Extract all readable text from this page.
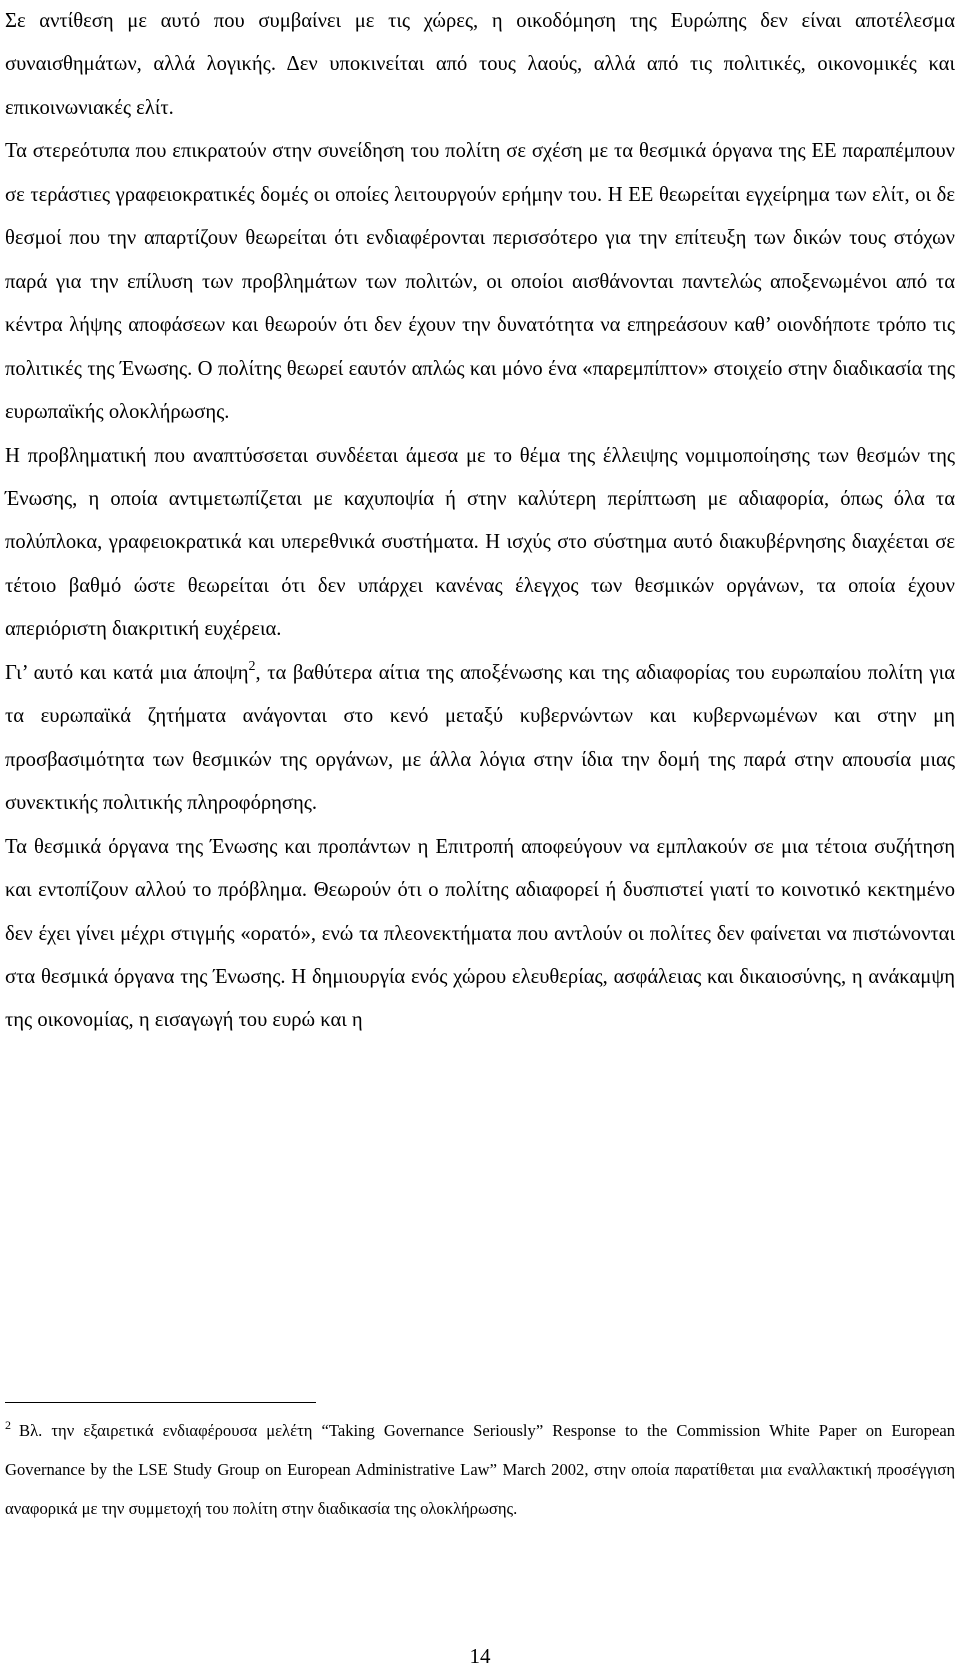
Σε αντίθεση με αυτό που συμβαίνει με τις χώρες, η οικοδόμηση της Ευρώπης δεν είναι αποτέλεσμα συναισθημάτων, αλλά λογικής. Δεν υποκινείται από τους λαούς, αλλά από τις πολιτικές, οικονομικές και επικοινωνιακές ελίτ.

Τα στερεότυπα που επικρατούν στην συνείδηση του πολίτη σε σχέση με τα θεσμικά όργανα της ΕΕ παραπέμπουν σε τεράστιες γραφειοκρατικές δομές οι οποίες λειτουργούν ερήμην του. Η ΕΕ θεωρείται εγχείρημα των ελίτ, οι δε θεσμοί που την απαρτίζουν θεωρείται ότι ενδιαφέρονται περισσότερο για την επίτευξη των δικών τους στόχων παρά για την επίλυση των προβλημάτων των πολιτών, οι οποίοι αισθάνονται παντελώς αποξενωμένοι από τα κέντρα λήψης αποφάσεων και θεωρούν ότι δεν έχουν την δυνατότητα να επηρεάσουν καθ’ οιονδήποτε τρόπο τις πολιτικές της Ένωσης. Ο πολίτης θεωρεί εαυτόν απλώς και μόνο ένα «παρεμπίπτον» στοιχείο στην διαδικασία της ευρωπαϊκής ολοκλήρωσης.

Η προβληματική που αναπτύσσεται συνδέεται άμεσα με το θέμα της έλλειψης νομιμοποίησης των θεσμών της Ένωσης, η οποία αντιμετωπίζεται με καχυποψία ή στην καλύτερη περίπτωση με αδιαφορία, όπως όλα τα πολύπλοκα, γραφειοκρατικά και υπερεθνικά συστήματα. Η ισχύς στο σύστημα αυτό διακυβέρνησης διαχέεται σε τέτοιο βαθμό ώστε θεωρείται ότι δεν υπάρχει κανένας έλεγχος των θεσμικών οργάνων, τα οποία έχουν απεριόριστη διακριτική ευχέρεια.

Γι’ αυτό και κατά μια άποψη$^2$, τα βαθύτερα αίτια της αποξένωσης και της αδιαφορίας του ευρωπαίου πολίτη για τα ευρωπαϊκά ζητήματα ανάγονται στο κενό μεταξύ κυβερνώντων και κυβερνωμένων και στην μη προσβασιμότητα των θεσμικών της οργάνων, με άλλα λόγια στην ίδια την δομή της παρά στην απουσία μιας συνεκτικής πολιτικής πληροφόρησης.

Τα θεσμικά όργανα της Ένωσης και προπάντων η Επιτροπή αποφεύγουν να εμπλακούν σε μια τέτοια συζήτηση και εντοπίζουν αλλού το πρόβλημα. Θεωρούν ότι ο πολίτης αδιαφορεί ή δυσπιστεί γιατί το κοινοτικό κεκτημένο δεν έχει γίνει μέχρι στιγμής «ορατό», ενώ τα πλεονεκτήματα που αντλούν οι πολίτες δεν φαίνεται να πιστώνονται στα θεσμικά όργανα της Ένωσης. Η δημιουργία ενός χώρου ελευθερίας, ασφάλειας και δικαιοσύνης, η ανάκαμψη της οικονομίας, η εισαγωγή του ευρώ και η

$^2$ Βλ. την εξαιρετικά ενδιαφέρουσα μελέτη “Taking Governance Seriously” Response to the Commission White Paper on European Governance by the LSE Study Group on European Administrative Law” March 2002, στην οποία παρατίθεται μια εναλλακτική προσέγγιση αναφορικά με την συμμετοχή του πολίτη στην διαδικασία της ολοκλήρωσης.

14
